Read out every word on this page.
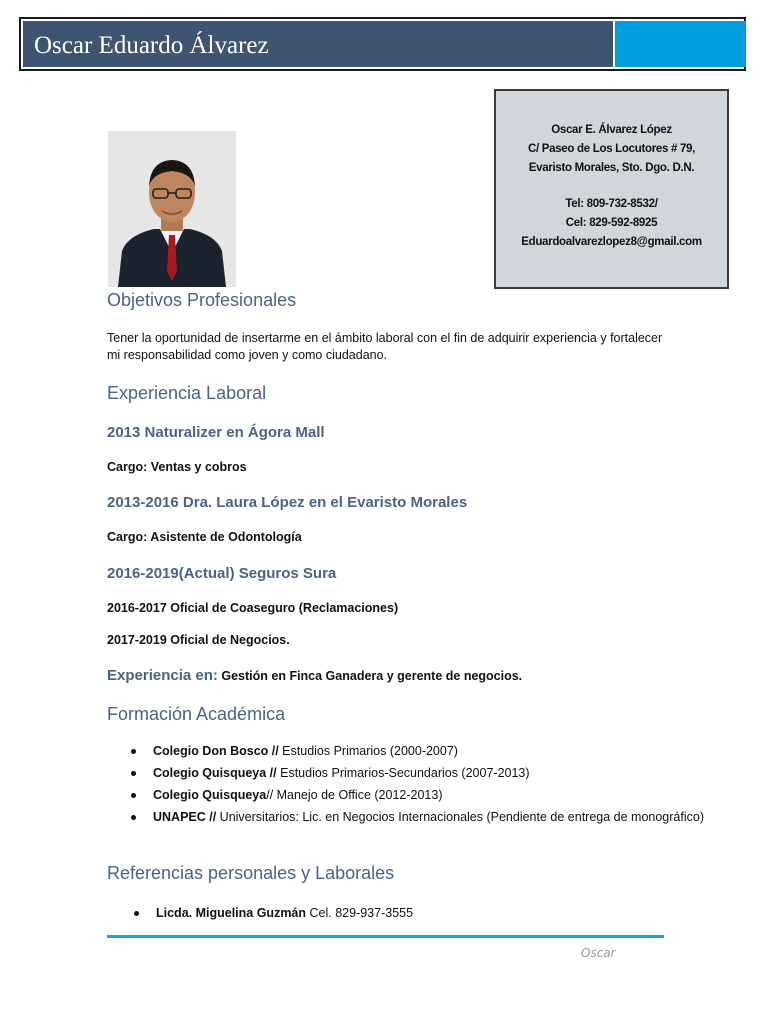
Oscar Eduardo Álvarez
Oscar E. Álvarez López
C/ Paseo de Los Locutores # 79,
Evaristo Morales, Sto. Dgo. D.N.
Tel: 809-732-8532/
Cel: 829-592-8925
Eduardoalvarezlopez8@gmail.com
Objetivos Profesionales
Tener la oportunidad de insertarme en el ámbito laboral con el fin de adquirir experiencia y fortalecer mi responsabilidad como joven y como ciudadano.
Experiencia Laboral
2013 Naturalizer en Ágora Mall
Cargo: Ventas y cobros
2013-2016 Dra. Laura López en el Evaristo Morales
Cargo: Asistente de Odontología
2016-2019(Actual) Seguros Sura
2016-2017 Oficial de Coaseguro (Reclamaciones)
2017-2019 Oficial de Negocios.
Experiencia en: Gestión en Finca Ganadera y gerente de negocios.
Formación Académica
Colegio Don Bosco // Estudios Primarios (2000-2007)
Colegio Quisqueya // Estudios Primarios-Secundarios (2007-2013)
Colegio Quisqueya// Manejo de Office (2012-2013)
UNAPEC // Universitarios: Lic. en Negocios Internacionales (Pendiente de entrega de monográfico)
Referencias personales y Laborales
Licda. Miguelina Guzmán Cel. 829-937-3555
Oscar
